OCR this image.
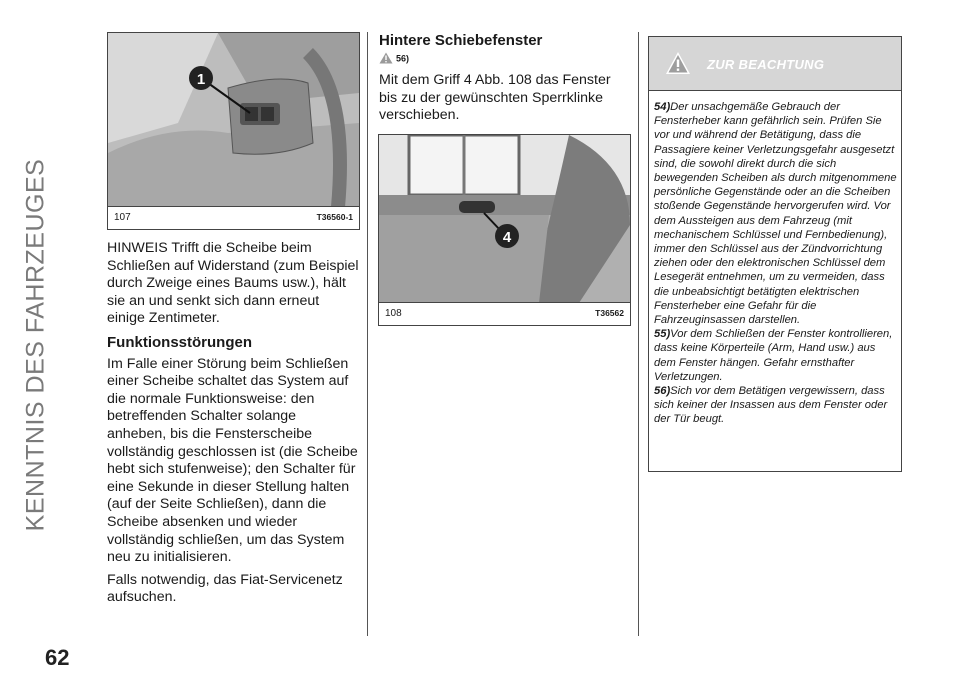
KENNTNIS DES FAHRZEUGES
62
1
107	T36560-1

HINWEIS Trifft die Scheibe beim Schließen auf Widerstand (zum Beispiel durch Zweige eines Baums usw.), hält sie an und senkt sich dann erneut einige Zentimeter.

Funktionsstörungen

Im Falle einer Störung beim Schließen einer Scheibe schaltet das System auf die normale Funktionsweise: den betreffenden Schalter solange anheben, bis die Fensterscheibe vollständig geschlossen ist (die Scheibe hebt sich stufenweise); den Schalter für eine Sekunde in dieser Stellung halten (auf der Seite Schließen), dann die Scheibe absenken und wieder vollständig schließen, um das System neu zu initialisieren.

Falls notwendig, das Fiat-Servicenetz aufsuchen.

Hintere Schiebefenster
56)
Mit dem Griff 4 Abb. 108 das Fenster bis zu der gewünschten Sperrklinke verschieben.
4
108	T36562
ZUR BEACHTUNG

54)Der unsachgemäße Gebrauch der Fensterheber kann gefährlich sein. Prüfen Sie vor und während der Betätigung, dass die Passagiere keiner Verletzungsgefahr ausgesetzt sind, die sowohl direkt durch die sich bewegenden Scheiben als durch mitgenommene persönliche Gegenstände oder an die Scheiben stoßende Gegenstände hervorgerufen wird. Vor dem Aussteigen aus dem Fahrzeug (mit mechanischem Schlüssel und Fernbedienung), immer den Schlüssel aus der Zündvorrichtung ziehen oder den elektronischen Schlüssel dem Lesegerät entnehmen, um zu vermeiden, dass die unbeabsichtigt betätigten elektrischen Fensterheber eine Gefahr für die Fahrzeuginsassen darstellen.

55)Vor dem Schließen der Fenster kontrollieren, dass keine Körperteile (Arm, Hand usw.) aus dem Fenster hängen. Gefahr ernsthafter Verletzungen.

56)Sich vor dem Betätigen vergewissern, dass sich keiner der Insassen aus dem Fenster oder der Tür beugt.
